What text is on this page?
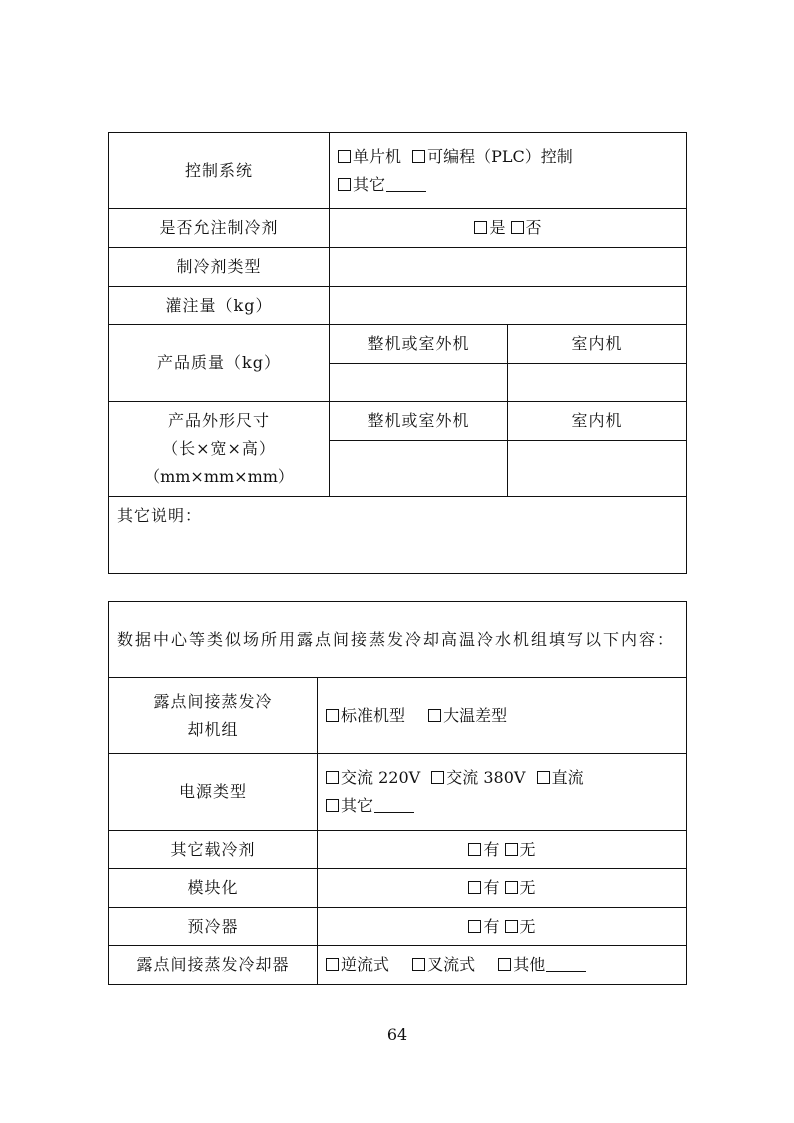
控制系统	单片机 可编程（PLC）控制
其它	
是否允注制冷剂	是 否	
制冷剂类型		
灌注量（kg）		
产品质量（kg）	整机或室外机	室内机

产品外形尺寸
（长×宽×高）
（mm×mm×mm）	整机或室外机	室内机

其它说明：		
数据中心等类似场所用露点间接蒸发冷却高温冷水机组填写以下内容：	
露点间接蒸发冷
却机组	标准机型 大温差型
电源类型	交流 220V 交流 380V 直流
其它
其它载冷剂	有 无
模块化	有 无
预冷器	有 无
露点间接蒸发冷却器	逆流式 叉流式 其他
64
